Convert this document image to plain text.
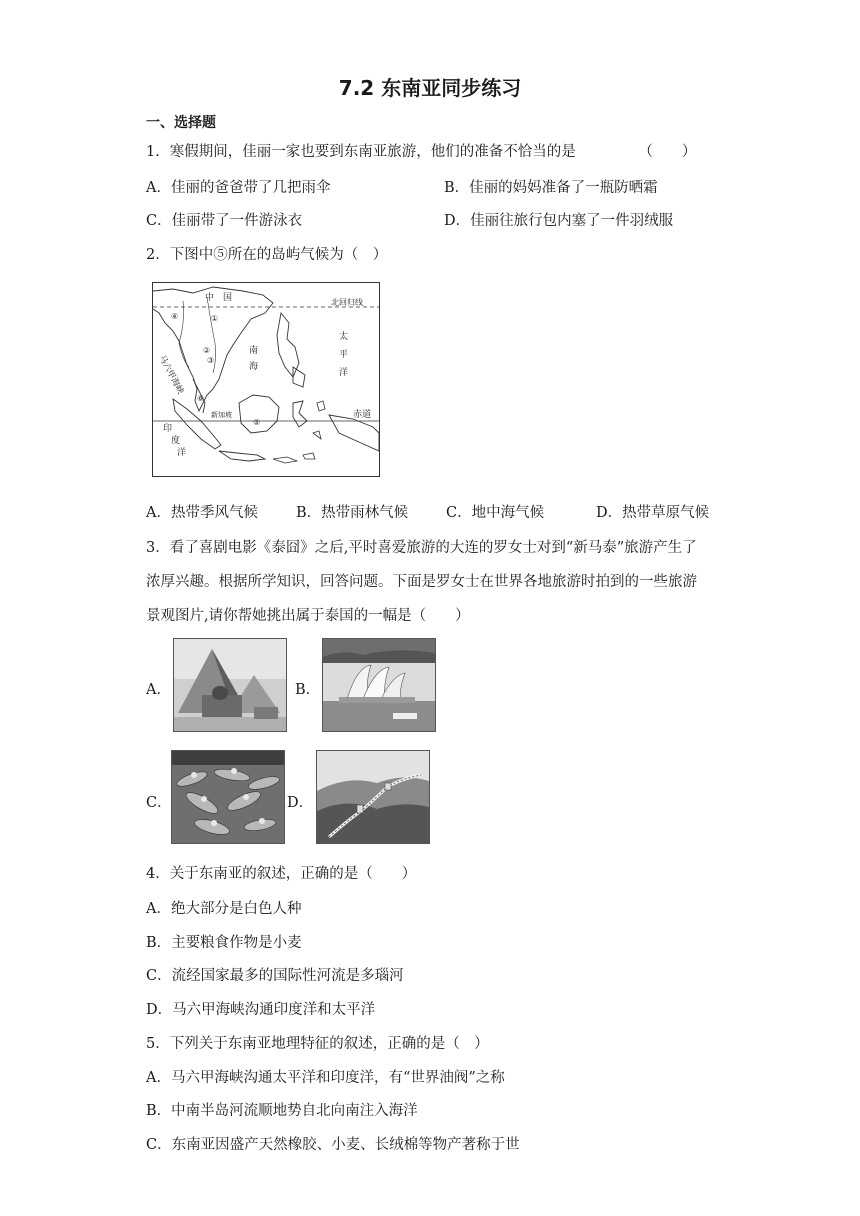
7.2 东南亚同步练习
一、选择题
1．寒假期间，佳丽一家也要到东南亚旅游，他们的准备不恰当的是	（　　）
A．佳丽的爸爸带了几把雨伞	B．佳丽的妈妈准备了一瓶防晒霜
C．佳丽带了一件游泳衣	D．佳丽往旅行包内塞了一件羽绒服
2．下图中⑤所在的岛屿气候为（　）
中　国	北回归线
太
平
洋
南
海
马六甲海峡
新加坡	赤道
印
度
洋
①
②
③
④
⑤
⑥
A．热带季风气候	B．热带雨林气候	C．地中海气候	D．热带草原气候
3．看了喜剧电影《泰囧》之后,平时喜爱旅游的大连的罗女士对到“新马泰”旅游产生了
浓厚兴趣。根据所学知识，回答问题。下面是罗女士在世界各地旅游时拍到的一些旅游
景观图片,请你帮她挑出属于泰国的一幅是（　　）
A．	B．
C．	D．
4．关于东南亚的叙述，正确的是（　　）
A．绝大部分是白色人种
B．主要粮食作物是小麦
C．流经国家最多的国际性河流是多瑙河
D．马六甲海峡沟通印度洋和太平洋
5．下列关于东南亚地理特征的叙述，正确的是（　）
A．马六甲海峡沟通太平洋和印度洋，有“世界油阀”之称
B．中南半岛河流顺地势自北向南注入海洋
C．东南亚因盛产天然橡胶、小麦、长绒棉等物产著称于世
